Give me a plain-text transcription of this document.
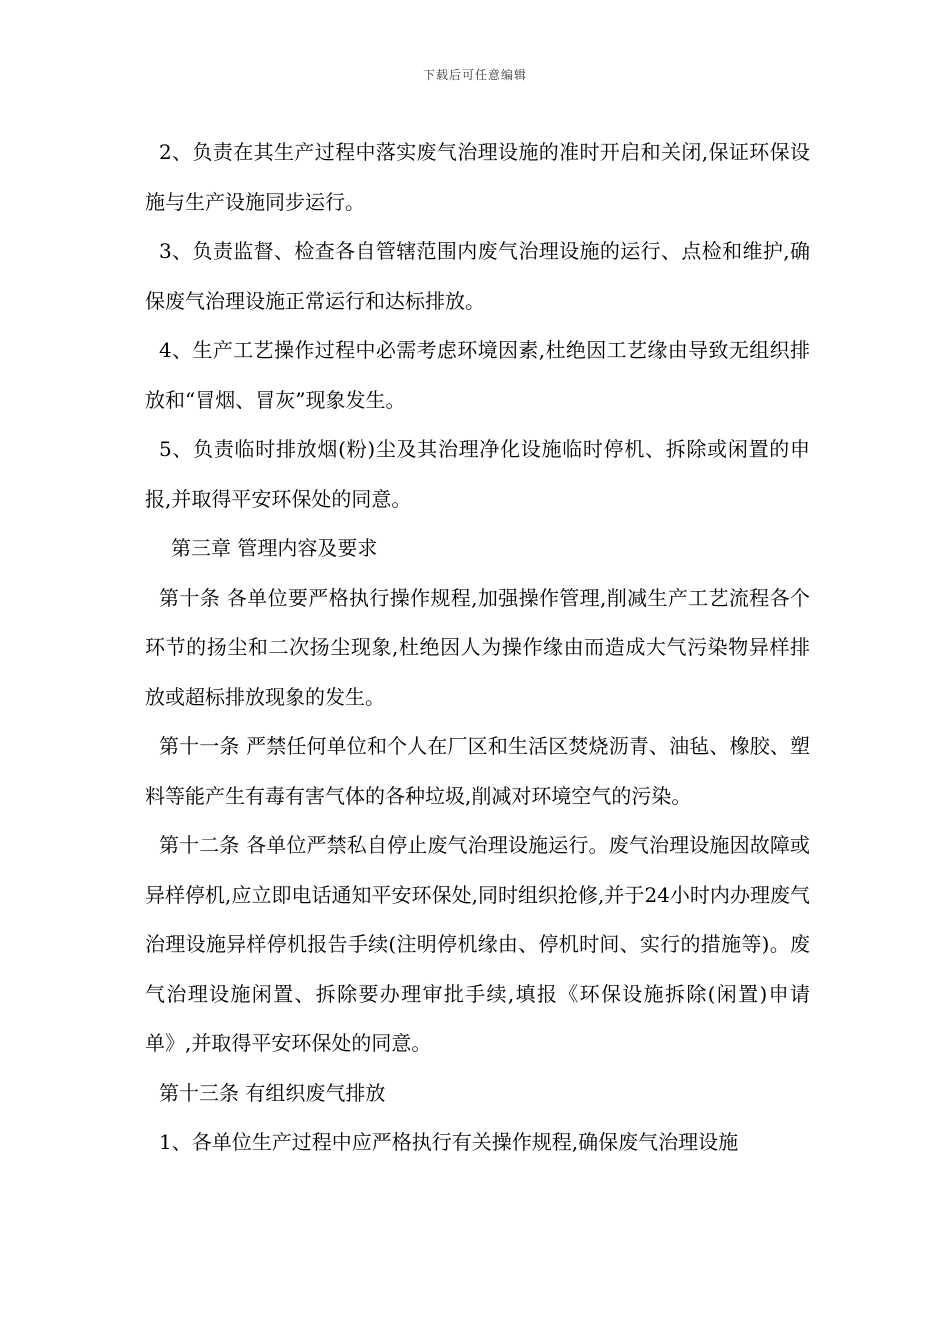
下载后可任意编辑

2、负责在其生产过程中落实废气治理设施的准时开启和关闭,保证环保设施与生产设施同步运行。

3、负责监督、检查各自管辖范围内废气治理设施的运行、点检和维护,确保废气治理设施正常运行和达标排放。

4、生产工艺操作过程中必需考虑环境因素,杜绝因工艺缘由导致无组织排放和“冒烟、冒灰”现象发生。

5、负责临时排放烟(粉)尘及其治理净化设施临时停机、拆除或闲置的申报,并取得平安环保处的同意。

第三章 管理内容及要求

第十条 各单位要严格执行操作规程,加强操作管理,削减生产工艺流程各个环节的扬尘和二次扬尘现象,杜绝因人为操作缘由而造成大气污染物异样排放或超标排放现象的发生。

第十一条 严禁任何单位和个人在厂区和生活区焚烧沥青、油毡、橡胶、塑料等能产生有毒有害气体的各种垃圾,削减对环境空气的污染。

第十二条 各单位严禁私自停止废气治理设施运行。废气治理设施因故障或异样停机,应立即电话通知平安环保处,同时组织抢修,并于24小时内办理废气治理设施异样停机报告手续(注明停机缘由、停机时间、实行的措施等)。废气治理设施闲置、拆除要办理审批手续,填报《环保设施拆除(闲置)申请单》,并取得平安环保处的同意。

第十三条 有组织废气排放

1、各单位生产过程中应严格执行有关操作规程,确保废气治理设施
